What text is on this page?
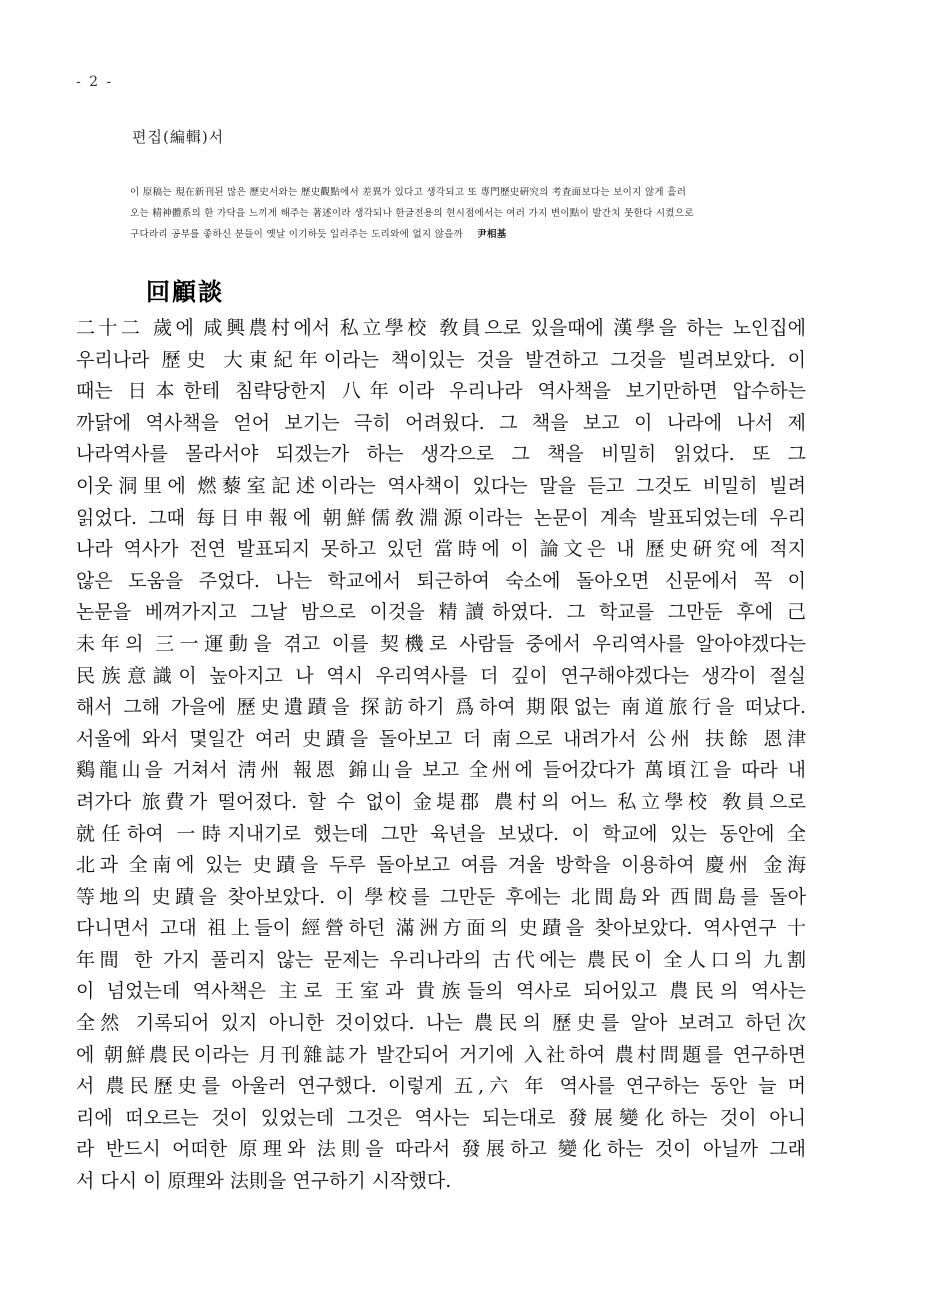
- 2 -
편집(編輯)서
이 原稿는 現在新刊된 많은 歷史서와는 歷史觀點에서 差異가 있다고 생각되고 또 專門歷史硏究의 考査面보다는 보이지 않게 흘러
오는 精神體系의 한 가닥을 느끼게 해주는 著述이라 생각되나 한글전용의 현시점에서는 여러 가지 변이點이 발간치 못한다 시켰으로
구다라리 공부를 좋하신 분들이 옛날 이기하듯 일러주는 도리와에 없지 않을까 尹相基
回顧談
二十二 歲에 咸興農村에서 私立學校 敎員으로 있을때에 漢學을 하는 노인집에
우리나라 歷史 大東紀年이라는 책이있는 것을 발견하고 그것을 빌려보았다. 이
때는 日本한테 침략당한지 八年이라 우리나라 역사책을 보기만하면 압수하는
까닭에 역사책을 얻어 보기는 극히 어려웠다. 그 책을 보고 이 나라에 나서 제
나라역사를 몰라서야 되겠는가 하는 생각으로 그 책을 비밀히 읽었다. 또 그
이웃洞里에 燃藜室記述이라는 역사책이 있다는 말을 듣고 그것도 비밀히 빌려
읽었다. 그때 每日申報에 朝鮮儒敎淵源이라는 논문이 계속 발표되었는데 우리
나라 역사가 전연 발표되지 못하고 있던 當時에 이 論文은 내 歷史硏究에 적지
않은 도움을 주었다. 나는 학교에서 퇴근하여 숙소에 돌아오면 신문에서 꼭 이
논문을 베껴가지고 그날 밤으로 이것을 精讀하였다. 그 학교를 그만둔 후에 己
未年의 三一運動을 겪고 이를 契機로 사람들 중에서 우리역사를 알아야겠다는
民族意識이 높아지고 나 역시 우리역사를 더 깊이 연구해야겠다는 생각이 절실
해서 그해 가을에 歷史遺蹟을 探訪하기 爲하여 期限없는 南道旅行을 떠났다.
서울에 와서 몇일간 여러 史蹟을 돌아보고 더 南으로 내려가서 公州 扶餘 恩津
鷄龍山을 거쳐서 淸州 報恩 錦山을 보고 全州에 들어갔다가 萬頃江을 따라 내
려가다 旅費가 떨어졌다. 할 수 없이 金堤郡 農村의 어느 私立學校 敎員으로
就任하여 一時지내기로 했는데 그만 육년을 보냈다. 이 학교에 있는 동안에 全
北과 全南에 있는 史蹟을 두루 돌아보고 여름 겨울 방학을 이용하여 慶州 金海
等地의 史蹟을 찾아보았다. 이 學校를 그만둔 후에는 北間島와 西間島를 돌아
다니면서 고대 祖上들이 經營하던 滿洲方面의 史蹟을 찾아보았다. 역사연구 十
年間 한 가지 풀리지 않는 문제는 우리나라의 古代에는 農民이 全人口의 九割
이 넘었는데 역사책은 主로 王室과 貴族들의 역사로 되어있고 農民의 역사는
全然 기록되어 있지 아니한 것이었다. 나는 農民의 歷史를 알아 보려고 하던次
에 朝鮮農民이라는 月刊雜誌가 발간되어 거기에 入社하여 農村問題를 연구하면
서 農民歷史를 아울러 연구했다. 이렇게 五,六 年 역사를 연구하는 동안 늘 머
리에 떠오르는 것이 있었는데 그것은 역사는 되는대로 發展變化하는 것이 아니
라 반드시 어떠한 原理와 法則을 따라서 發展하고 變化하는 것이 아닐까 그래
서 다시 이 原理와 法則을 연구하기 시작했다.
